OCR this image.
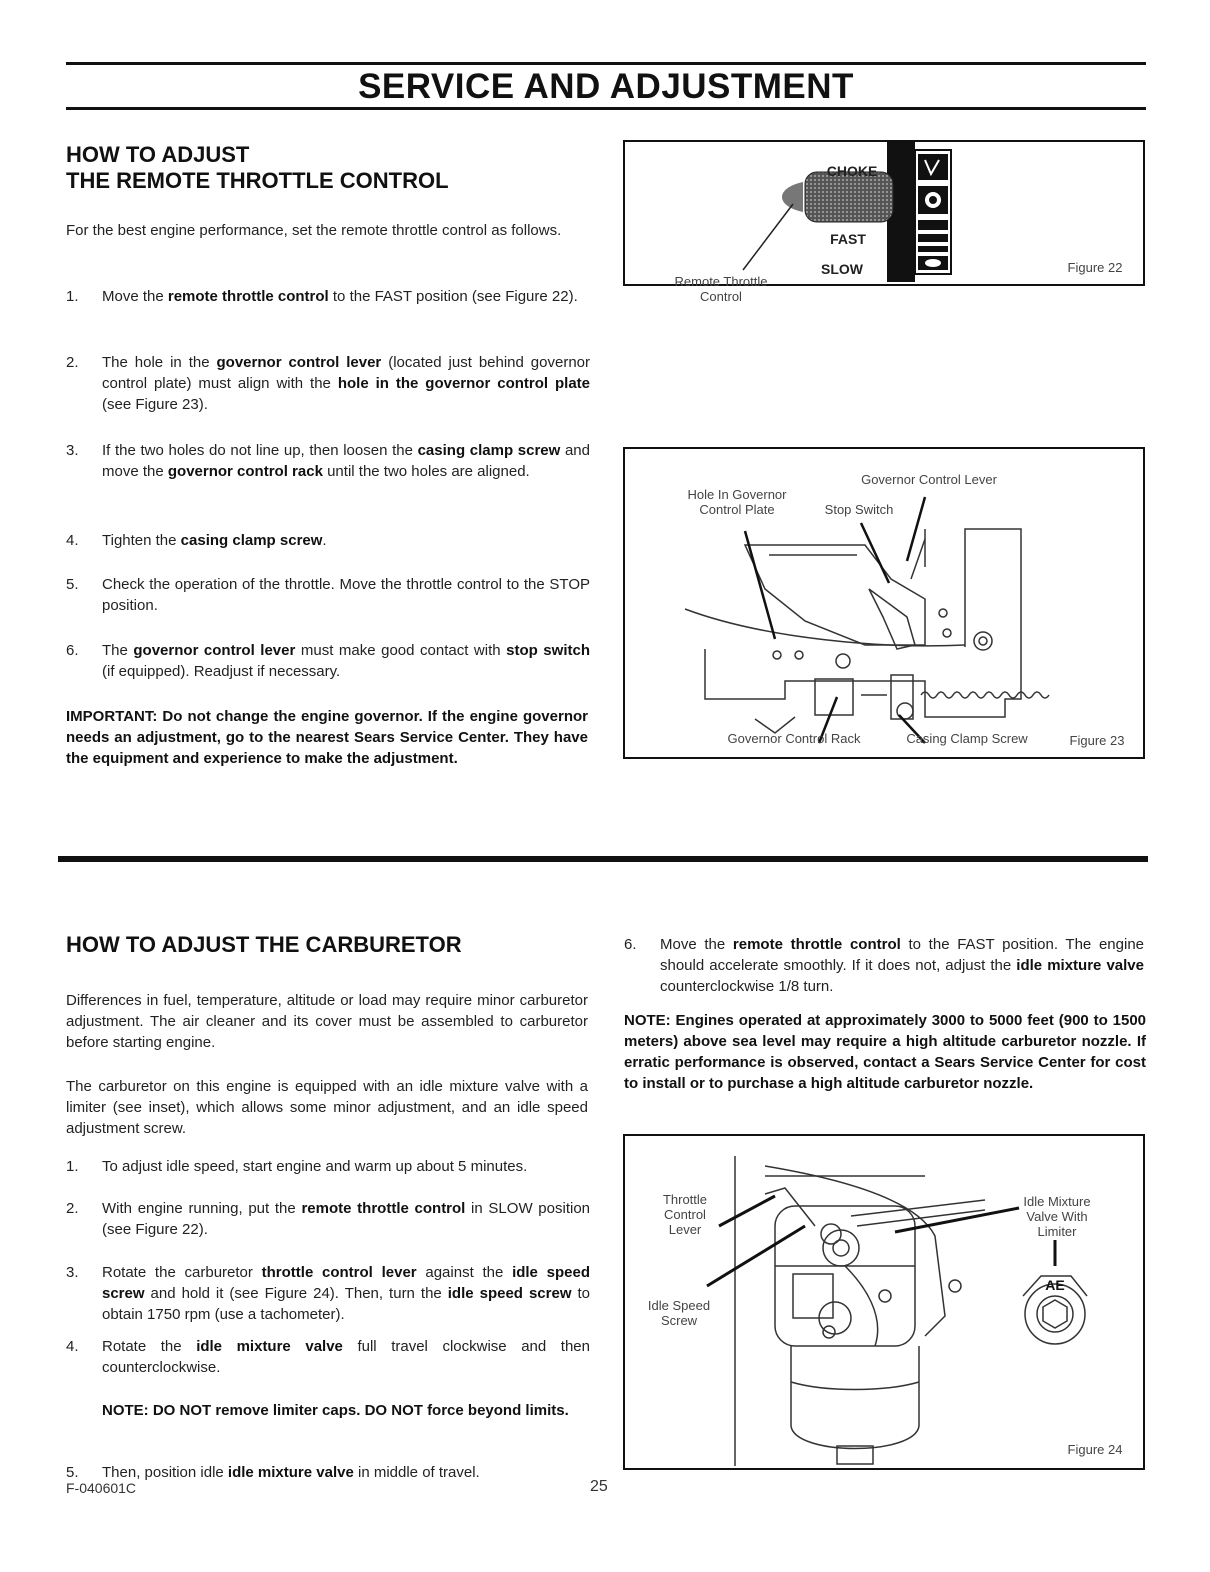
SERVICE AND ADJUSTMENT
HOW TO ADJUST
THE REMOTE THROTTLE CONTROL

For the best engine performance, set the remote throttle control as follows.

1. Move the remote throttle control to the FAST position (see Figure 22).
2. The hole in the governor control lever (located just behind governor control plate) must align with the hole in the governor control plate (see Figure 23).
3. If the two holes do not line up, then loosen the casing clamp screw and move the governor control rack until the two holes are aligned.
4. Tighten the casing clamp screw.
5. Check the operation of the throttle. Move the throttle control to the STOP position.
6. The governor control lever must make good contact with stop switch (if equipped). Readjust if necessary.

IMPORTANT: Do not change the engine governor. If the engine governor needs an adjustment, go to the nearest Sears Service Center. They have the equipment and experience to make the adjustment.

CHOKE
FAST
SLOW
Remote Throttle
Control
Figure 22
Hole In Governor
Control Plate	Stop Switch
Governor Control Lever
Governor Control Rack	Casing Clamp Screw	Figure 23
HOW TO ADJUST THE CARBURETOR

Differences in fuel, temperature, altitude or load may require minor carburetor adjustment. The air cleaner and its cover must be assembled to carburetor before starting engine.

The carburetor on this engine is equipped with an idle mixture valve with a limiter (see inset), which allows some minor adjustment, and an idle speed adjustment screw.

1. To adjust idle speed, start engine and warm up about 5 minutes.
2. With engine running, put the remote throttle control in SLOW position (see Figure 22).
3. Rotate the carburetor throttle control lever against the idle speed screw and hold it (see Figure 24). Then, turn the idle speed screw to obtain 1750 rpm (use a tachometer).
4. Rotate the idle mixture valve full travel clockwise and then counterclockwise.
NOTE: DO NOT remove limiter caps. DO NOT force beyond limits.
5. Then, position idle idle mixture valve in middle of travel.
6. Move the remote throttle control to the FAST position. The engine should accelerate smoothly. If it does not, adjust the idle mixture valve counterclockwise 1/8 turn.

NOTE: Engines operated at approximately 3000 to 5000 feet (900 to 1500 meters) above sea level may require a high altitude carburetor nozzle. If erratic performance is observed, contact a Sears Service Center for cost to install or to purchase a high altitude carburetor nozzle.

Throttle
Control
Lever
Idle Speed
Screw
Idle Mixture
Valve With
Limiter
AE
Figure 24
F-040601C	25
